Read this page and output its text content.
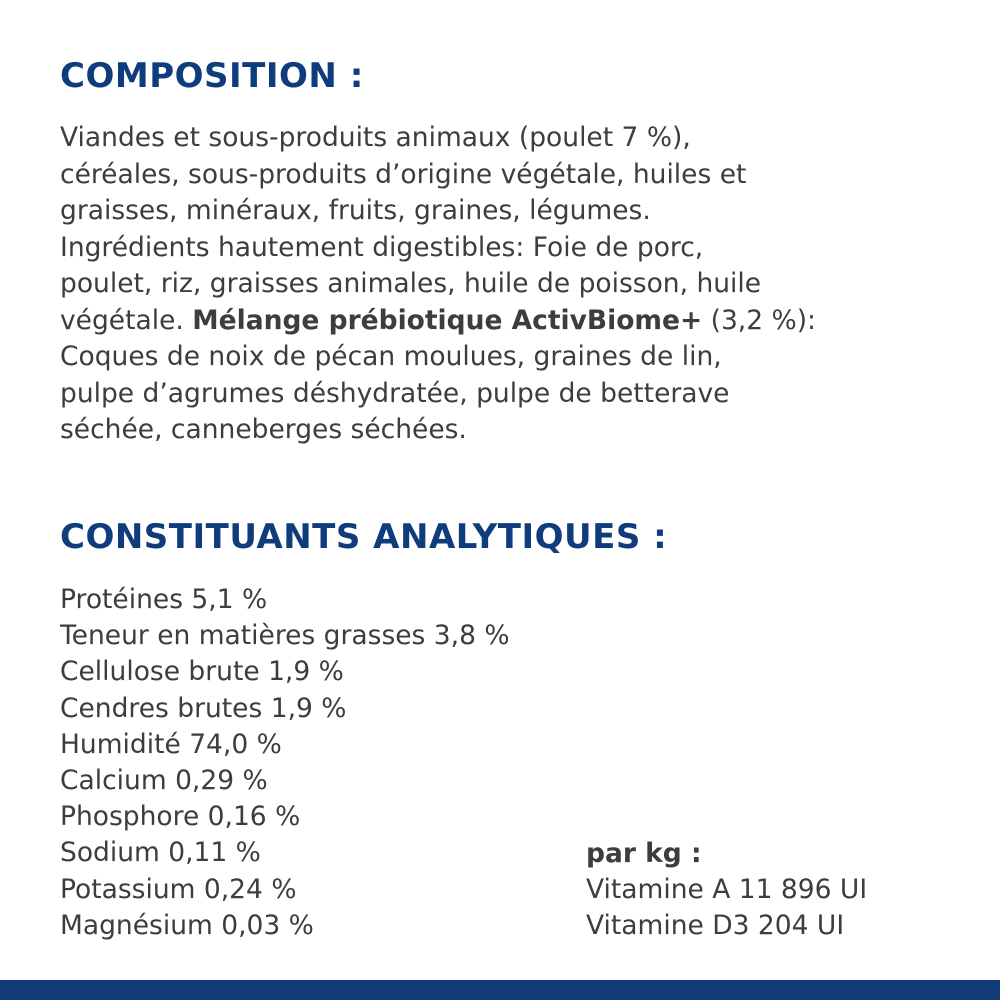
COMPOSITION :
Viandes et sous-produits animaux (poulet 7 %),
céréales, sous-produits d’origine végétale, huiles et
graisses, minéraux, fruits, graines, légumes.
Ingrédients hautement digestibles: Foie de porc,
poulet, riz, graisses animales, huile de poisson, huile
végétale. Mélange prébiotique ActivBiome+ (3,2 %):
Coques de noix de pécan moulues, graines de lin,
pulpe d’agrumes déshydratée, pulpe de betterave
séchée, canneberges séchées.
CONSTITUANTS ANALYTIQUES :
Protéines 5,1 %
Teneur en matières grasses 3,8 %
Cellulose brute 1,9 %
Cendres brutes 1,9 %
Humidité 74,0 %
Calcium 0,29 %
Phosphore 0,16 %
Sodium 0,11 %
Potassium 0,24 %
Magnésium 0,03 %
par kg :
Vitamine A 11 896 UI
Vitamine D3 204 UI
